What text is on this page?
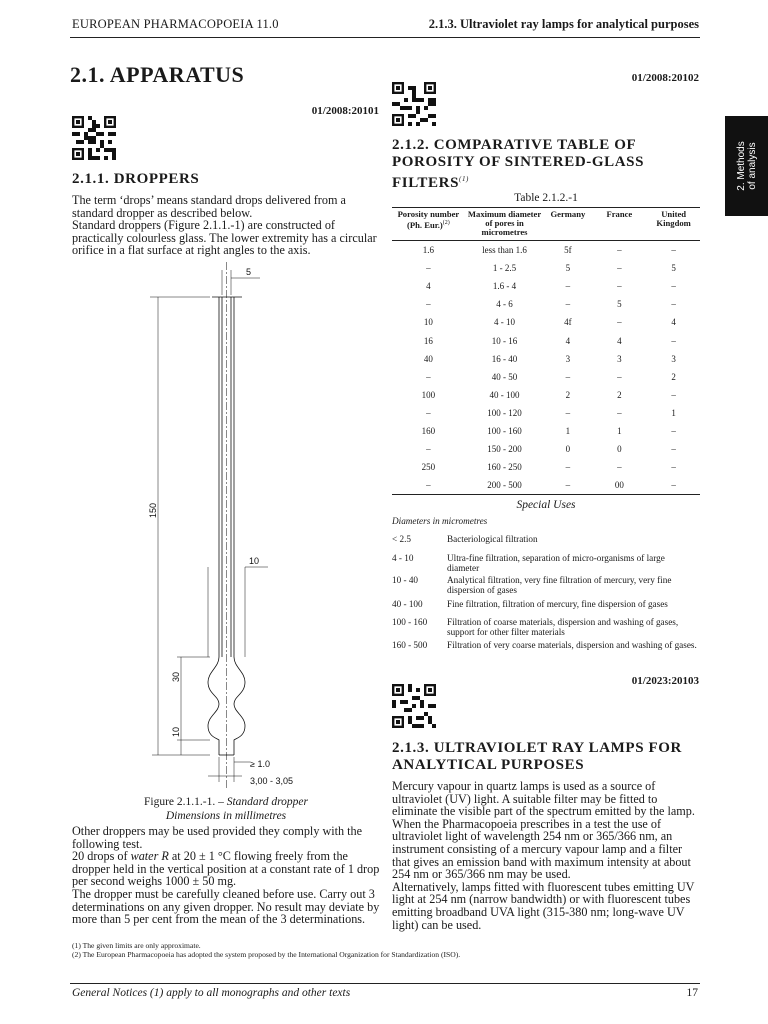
EUROPEAN PHARMACOPOEIA 11.0	2.1.3. Ultraviolet ray lamps for analytical purposes
2. Methods of analysis
2.1. APPARATUS
01/2008:20101
2.1.1. DROPPERS

The term ‘drops’ means standard drops delivered from a standard dropper as described below.

Standard droppers (Figure 2.1.1.-1) are constructed of practically colourless glass. The lower extremity has a circular orifice in a flat surface at right angles to the axis.

5
150
10
30
10
≥ 1.0
3,00 - 3,05
Figure 2.1.1.-1. – Standard dropper
Dimensions in millimetres

Other droppers may be used provided they comply with the following test.

20 drops of water R at 20 ± 1 °C flowing freely from the dropper held in the vertical position at a constant rate of 1 drop per second weighs 1000 ± 50 mg.

The dropper must be carefully cleaned before use. Carry out 3 determinations on any given dropper. No result may deviate by more than 5 per cent from the mean of the 3 determinations.

01/2008:20102
2.1.2. COMPARATIVE TABLE OF POROSITY OF SINTERED-GLASS FILTERS$^{(1)}$
Table 2.1.2.-1
Porosity number (Ph. Eur.)$^{(2)}$	Maximum diameter of pores in micrometres	Germany	France	United Kingdom

1.6	less than 1.6	5f	–	–
–	1 - 2.5	5	–	5
4	1.6 - 4	–	–	–
–	4 - 6	–	5	–
10	4 - 10	4f	–	4
16	10 - 16	4	4	–
40	16 - 40	3	3	3
–	40 - 50	–	–	2
100	40 - 100	2	2	–
–	100 - 120	–	–	1
160	100 - 160	1	1	–
–	150 - 200	0	0	–
250	160 - 250	–	–	–
–	200 - 500	–	00	–
Special Uses
Diameters in micrometres
< 2.5	Bacteriological filtration
4 - 10	Ultra-fine filtration, separation of micro-organisms of large diameter
10 - 40	Analytical filtration, very fine filtration of mercury, very fine dispersion of gases
40 - 100	Fine filtration, filtration of mercury, fine dispersion of gases
100 - 160	Filtration of coarse materials, dispersion and washing of gases, support for other filter materials
160 - 500	Filtration of very coarse materials, dispersion and washing of gases.
01/2023:20103
2.1.3. ULTRAVIOLET RAY LAMPS FOR ANALYTICAL PURPOSES

Mercury vapour in quartz lamps is used as a source of ultraviolet (UV) light. A suitable filter may be fitted to eliminate the visible part of the spectrum emitted by the lamp. When the Pharmacopoeia prescribes in a test the use of ultraviolet light of wavelength 254 nm or 365/366 nm, an instrument consisting of a mercury vapour lamp and a filter that gives an emission band with maximum intensity at about 254 nm or 365/366 nm may be used.

Alternatively, lamps fitted with fluorescent tubes emitting UV light at 254 nm (narrow bandwidth) or with fluorescent tubes emitting broadband UVA light (315-380 nm; long-wave UV light) can be used.

(1) The given limits are only approximate.
(2) The European Pharmacopoeia has adopted the system proposed by the International Organization for Standardization (ISO).
General Notices (1) apply to all monographs and other texts	17
